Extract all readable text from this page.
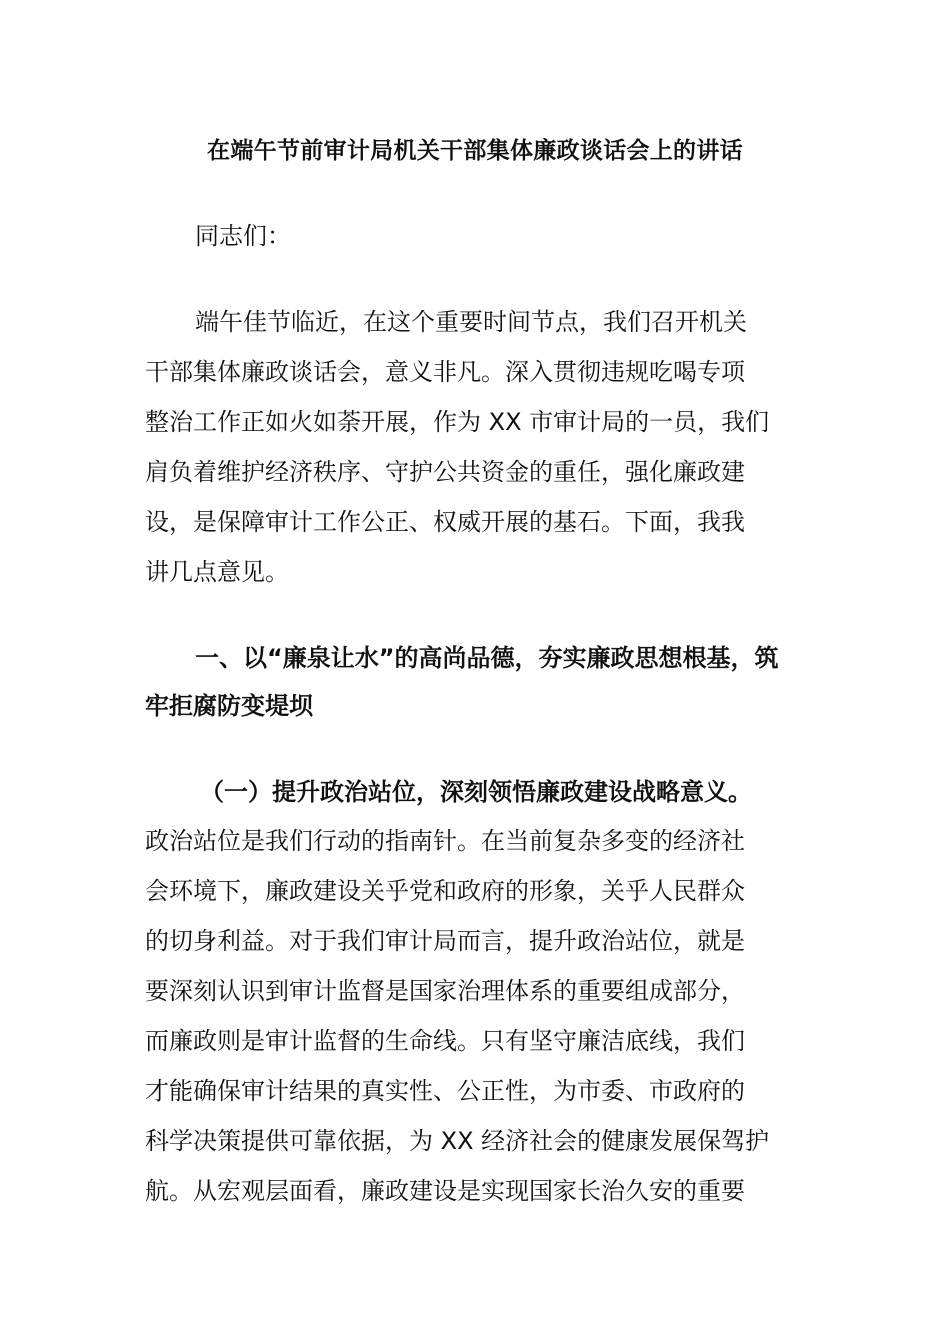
在端午节前审计局机关干部集体廉政谈话会上的讲话
同志们：
端午佳节临近，在这个重要时间节点，我们召开机关
干部集体廉政谈话会，意义非凡。深入贯彻违规吃喝专项
整治工作正如火如荼开展，作为 XX 市审计局的一员，我们
肩负着维护经济秩序、守护公共资金的重任，强化廉政建
设，是保障审计工作公正、权威开展的基石。下面，我我
讲几点意见。
一、以“廉泉让水”的高尚品德，夯实廉政思想根基，筑
牢拒腐防变堤坝
（一）提升政治站位，深刻领悟廉政建设战略意义。
政治站位是我们行动的指南针。在当前复杂多变的经济社
会环境下，廉政建设关乎党和政府的形象，关乎人民群众
的切身利益。对于我们审计局而言，提升政治站位，就是
要深刻认识到审计监督是国家治理体系的重要组成部分，
而廉政则是审计监督的生命线。只有坚守廉洁底线，我们
才能确保审计结果的真实性、公正性，为市委、市政府的
科学决策提供可靠依据，为 XX 经济社会的健康发展保驾护
航。从宏观层面看，廉政建设是实现国家长治久安的重要
